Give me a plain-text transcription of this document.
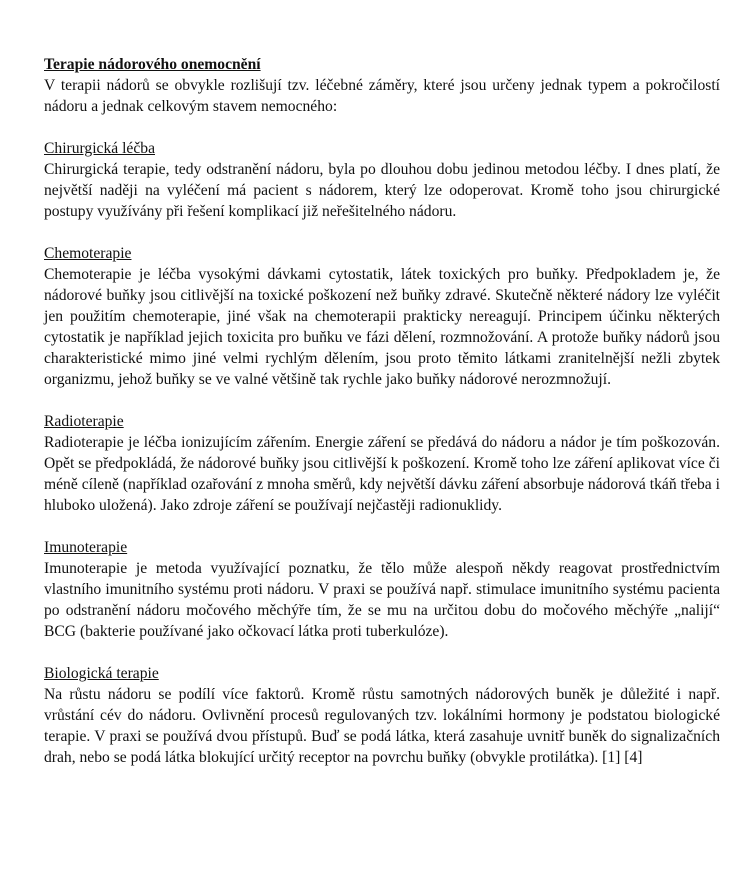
Terapie nádorového onemocnění

V terapii nádorů se obvykle rozlišují tzv. léčebné záměry, které jsou určeny jednak typem a pokročilostí nádoru a jednak celkovým stavem nemocného:

Chirurgická léčba

Chirurgická terapie, tedy odstranění nádoru, byla po dlouhou dobu jedinou metodou léčby. I dnes platí, že největší naději na vyléčení má pacient s nádorem, který lze odoperovat. Kromě toho jsou chirurgické postupy využívány při řešení komplikací již neřešitelného nádoru.

Chemoterapie

Chemoterapie je léčba vysokými dávkami cytostatik, látek toxických pro buňky. Předpokladem je, že nádorové buňky jsou citlivější na toxické poškození než buňky zdravé. Skutečně některé nádory lze vyléčit jen použitím chemoterapie, jiné však na chemoterapii prakticky nereagují. Principem účinku některých cytostatik je například jejich toxicita pro buňku ve fázi dělení, rozmnožování. A protože buňky nádorů jsou charakteristické mimo jiné velmi rychlým dělením, jsou proto těmito látkami zranitelnější nežli zbytek organizmu, jehož buňky se ve valné většině tak rychle jako buňky nádorové nerozmnožují.

Radioterapie

Radioterapie je léčba ionizujícím zářením. Energie záření se předává do nádoru a nádor je tím poškozován. Opět se předpokládá, že nádorové buňky jsou citlivější k poškození. Kromě toho lze záření aplikovat více či méně cíleně (například ozařování z mnoha směrů, kdy největší dávku záření absorbuje nádorová tkáň třeba i hluboko uložená). Jako zdroje záření se používají nejčastěji radionuklidy.

Imunoterapie

Imunoterapie je metoda využívající poznatku, že tělo může alespoň někdy reagovat prostřednictvím vlastního imunitního systému proti nádoru. V praxi se používá např. stimulace imunitního systému pacienta po odstranění nádoru močového měchýře tím, že se mu na určitou dobu do močového měchýře „nalijí“ BCG (bakterie používané jako očkovací látka proti tuberkulóze).

Biologická terapie

Na růstu nádoru se podílí více faktorů. Kromě růstu samotných nádorových buněk je důležité i např. vrůstání cév do nádoru. Ovlivnění procesů regulovaných tzv. lokálními hormony je podstatou biologické terapie. V praxi se používá dvou přístupů. Buď se podá látka, která zasahuje uvnitř buněk do signalizačních drah, nebo se podá látka blokující určitý receptor na povrchu buňky (obvykle protilátka). [1] [4]
